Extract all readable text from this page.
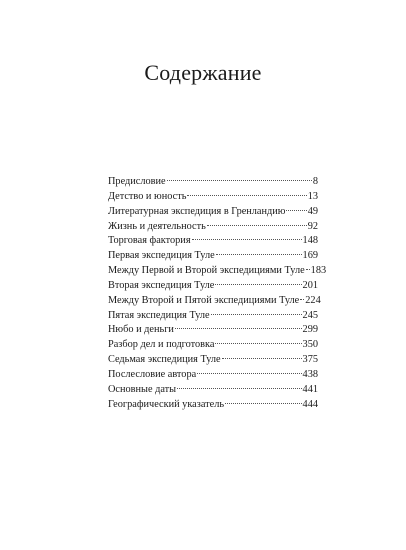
Содержание
Предисловие	8
Детство и юность	13
Литературная экспедиция в Гренландию 49
Жизнь и деятельность	92
Торговая фактория	148
Первая экспедиция Туле	169
Между Первой и Второй экспедициями Туле 183
Вторая экспедиция Туле	201
Между Второй и Пятой экспедициями Туле 224
Пятая экспедиция Туле	245
Нюбо и деньги	299
Разбор дел и подготовка	350
Седьмая экспедиция Туле	375
Послесловие автора	438
Основные даты	441
Географический указатель	444
